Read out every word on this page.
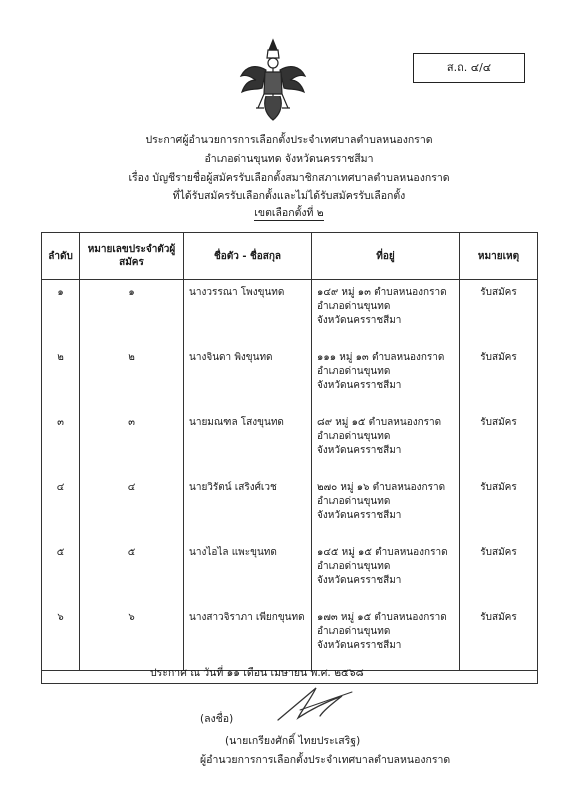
ส.ถ. ๔/๔
ประกาศผู้อำนวยการการเลือกตั้งประจำเทศบาลตำบลหนองกราด
อำเภอด่านขุนทด จังหวัดนครราชสีมา
เรื่อง บัญชีรายชื่อผู้สมัครรับเลือกตั้งสมาชิกสภาเทศบาลตำบลหนองกราด
ที่ได้รับสมัครรับเลือกตั้งและไม่ได้รับสมัครรับเลือกตั้ง
เขตเลือกตั้งที่ ๒
ลำดับ	หมายเลขประจำตัวผู้สมัคร	ชื่อตัว - ชื่อสกุล	ที่อยู่	หมายเหตุ
๑	๑	นางวรรณา โพงขุนทด	๑๔๙ หมู่ ๑๓ ตำบลหนองกราด
อำเภอด่านขุนทด
จังหวัดนครราชสีมา	รับสมัคร
๒	๒	นางจินดา พิงขุนทด	๑๑๑ หมู่ ๑๓ ตำบลหนองกราด
อำเภอด่านขุนทด
จังหวัดนครราชสีมา	รับสมัคร
๓	๓	นายมณฑล โสงขุนทด	๘๙ หมู่ ๑๕ ตำบลหนองกราด
อำเภอด่านขุนทด
จังหวัดนครราชสีมา	รับสมัคร
๔	๔	นายวิรัตน์ เสริงศ์เวช	๒๗๐ หมู่ ๑๖ ตำบลหนองกราด
อำเภอด่านขุนทด
จังหวัดนครราชสีมา	รับสมัคร
๕	๕	นางไอไล แพะขุนทด	๑๔๕ หมู่ ๑๕ ตำบลหนองกราด
อำเภอด่านขุนทด
จังหวัดนครราชสีมา	รับสมัคร
๖	๖	นางสาวจิราภา เพียกขุนทด	๑๗๓ หมู่ ๑๕ ตำบลหนองกราด
อำเภอด่านขุนทด
จังหวัดนครราชสีมา	รับสมัคร

ประกาศ ณ วันที่ ๑๑ เดือน เมษายน พ.ศ. ๒๕๖๘
(ลงชื่อ)
(นายเกรียงศักดิ์ ไทยประเสริฐ)
ผู้อำนวยการการเลือกตั้งประจำเทศบาลตำบลหนองกราด
